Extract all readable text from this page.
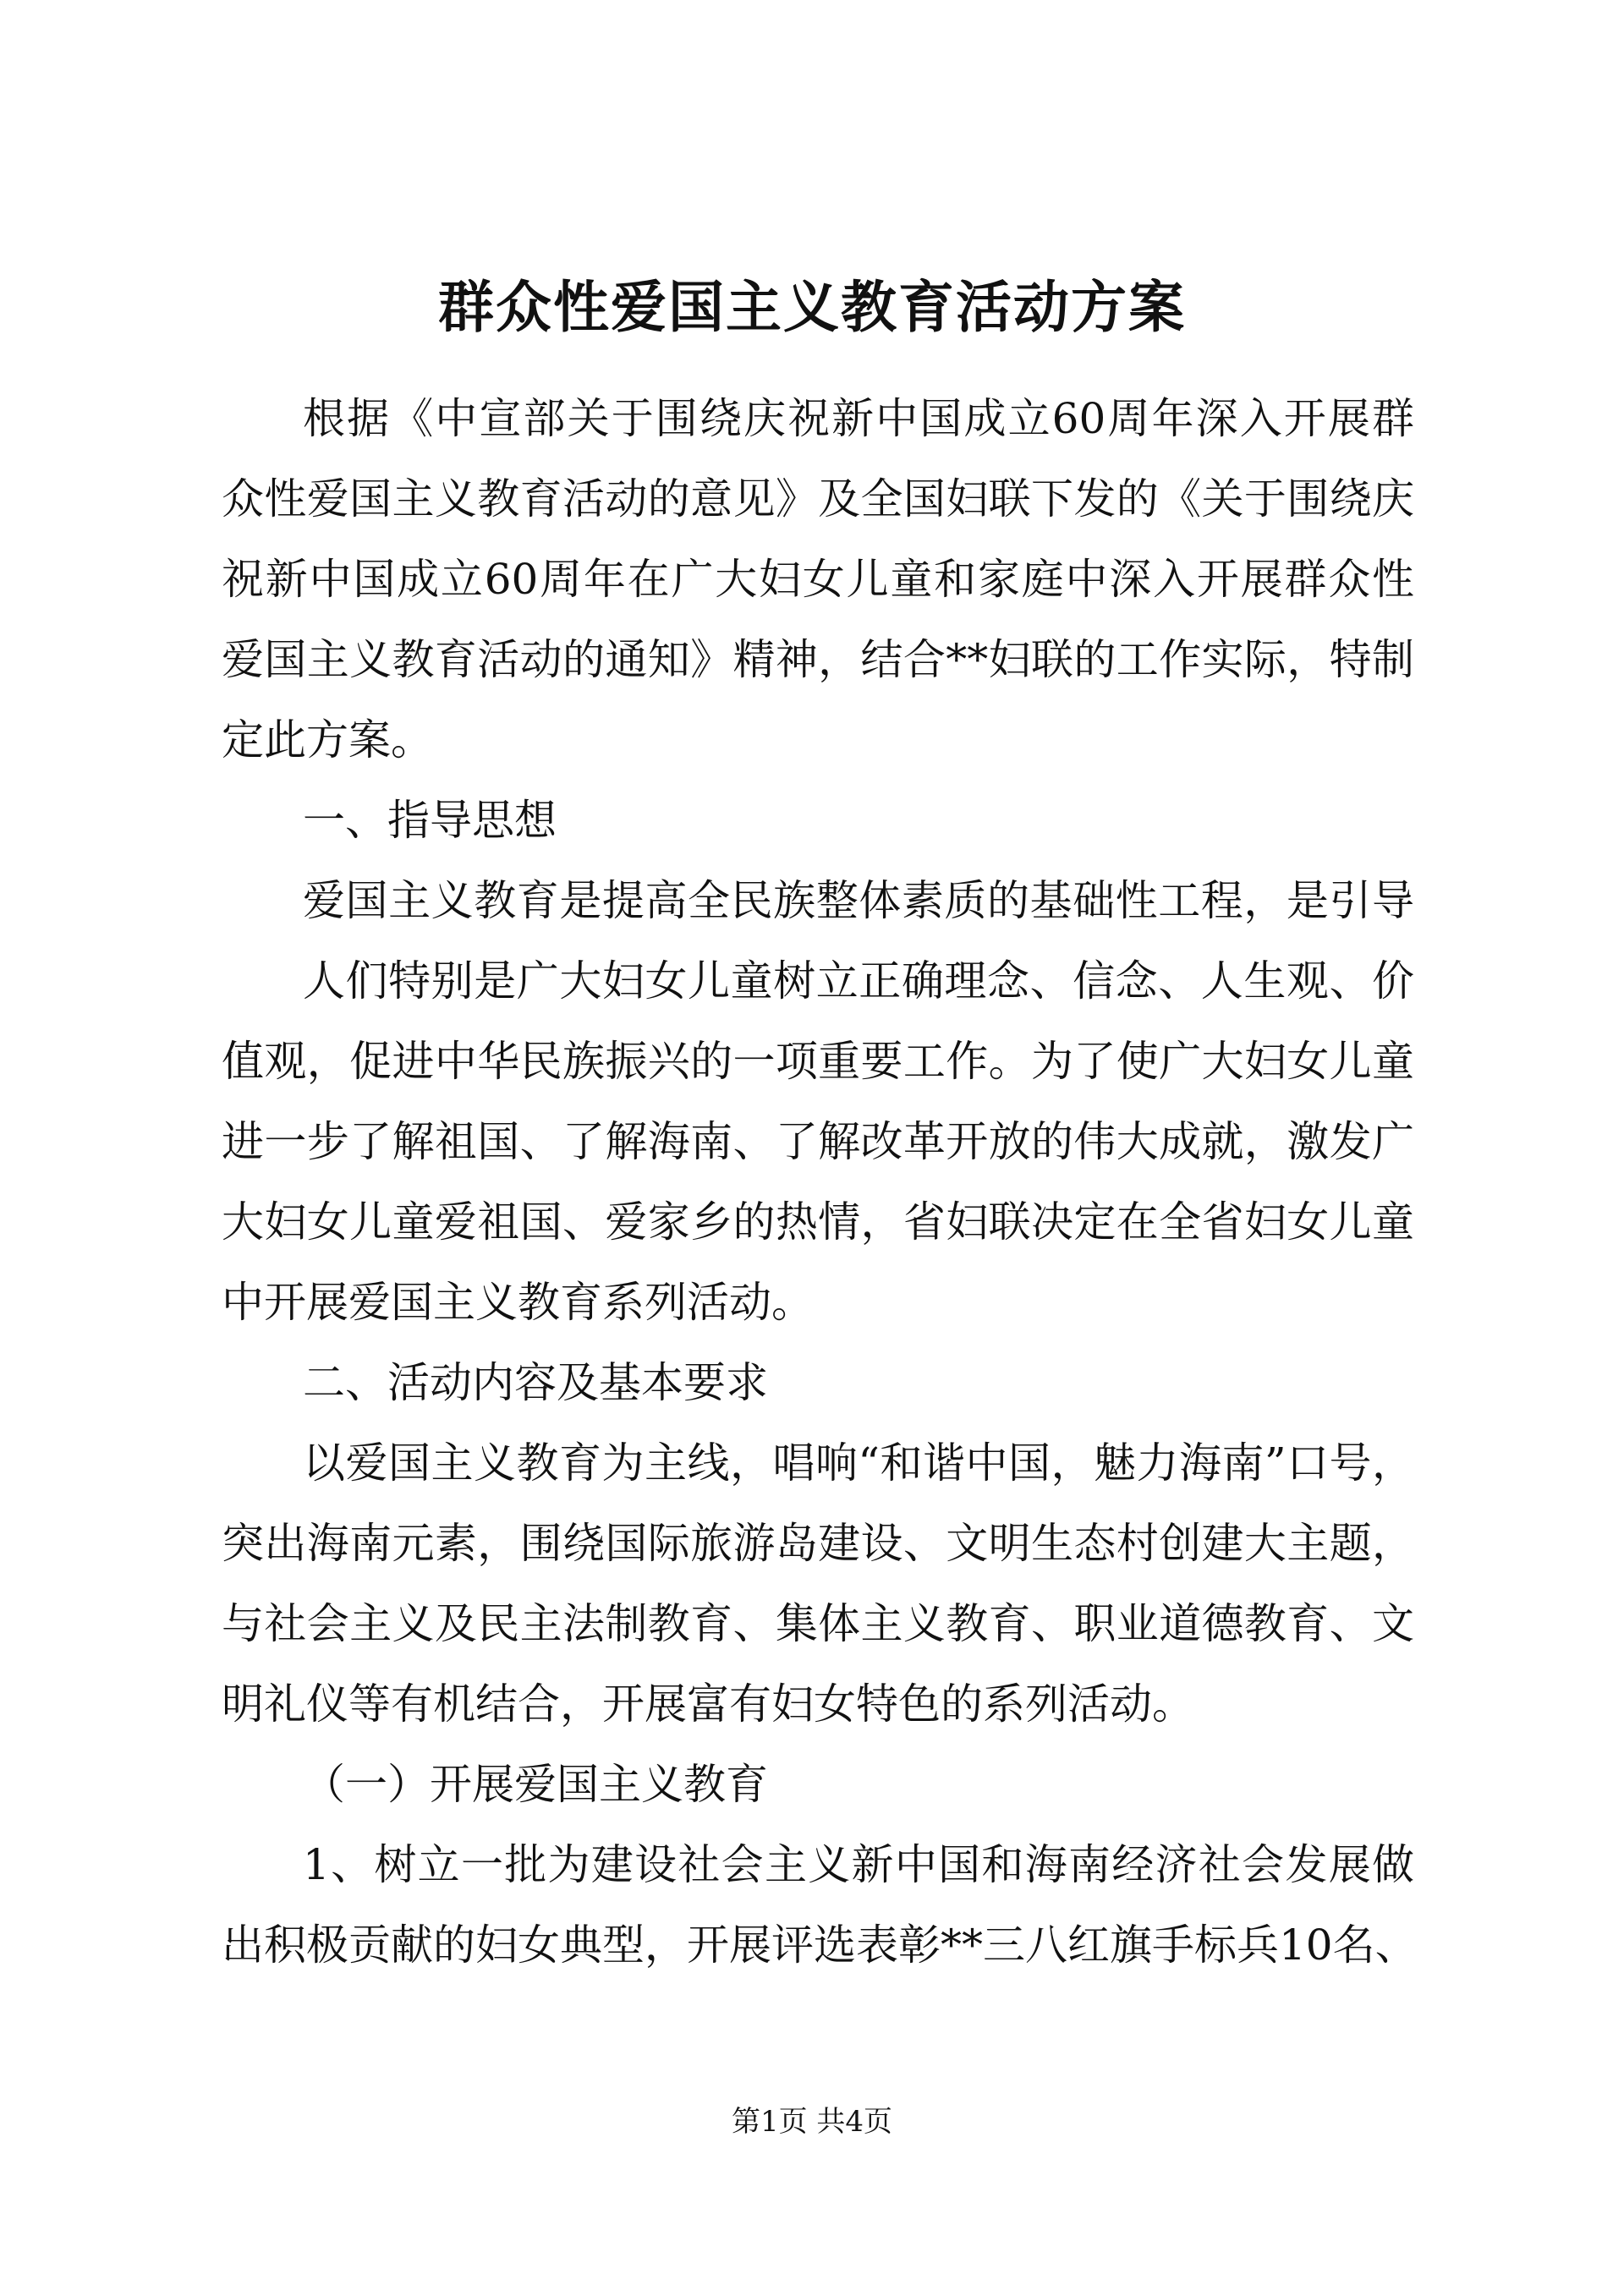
群众性爱国主义教育活动方案
根据《中宣部关于围绕庆祝新中国成立60周年深入开展群
众性爱国主义教育活动的意见》及全国妇联下发的《关于围绕庆
祝新中国成立60周年在广大妇女儿童和家庭中深入开展群众性
爱国主义教育活动的通知》精神，结合**妇联的工作实际，特制
定此方案。
一、指导思想
爱国主义教育是提高全民族整体素质的基础性工程，是引导
人们特别是广大妇女儿童树立正确理念、信念、人生观、价
值观，促进中华民族振兴的一项重要工作。为了使广大妇女儿童
进一步了解祖国、了解海南、了解改革开放的伟大成就，激发广
大妇女儿童爱祖国、爱家乡的热情，省妇联决定在全省妇女儿童
中开展爱国主义教育系列活动。
二、活动内容及基本要求
以爱国主义教育为主线，唱响“和谐中国，魅力海南”口号，
突出海南元素，围绕国际旅游岛建设、文明生态村创建大主题，
与社会主义及民主法制教育、集体主义教育、职业道德教育、文
明礼仪等有机结合，开展富有妇女特色的系列活动。
（一）开展爱国主义教育
1、树立一批为建设社会主义新中国和海南经济社会发展做
出积极贡献的妇女典型，开展评选表彰**三八红旗手标兵10名、
第1页 共4页
